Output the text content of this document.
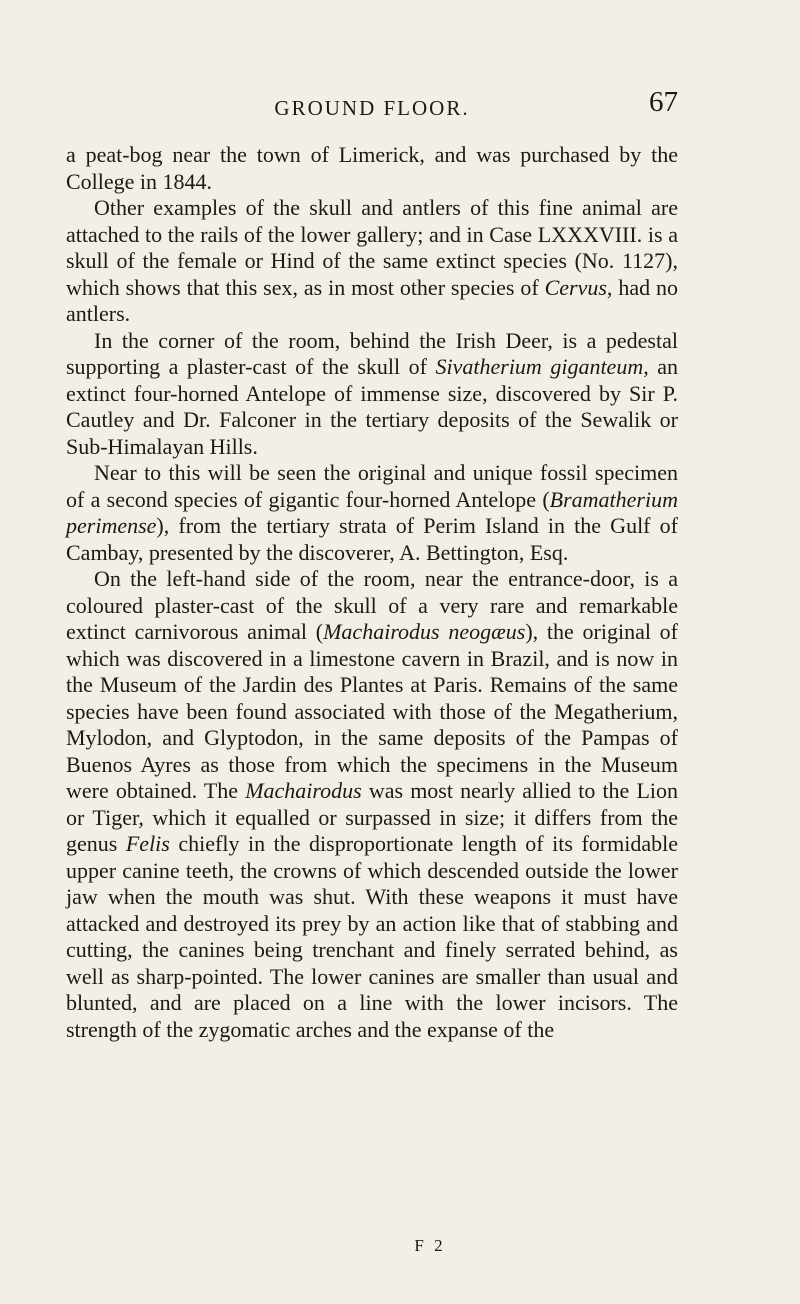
GROUND FLOOR.	67

a peat-bog near the town of Limerick, and was purchased by the College in 1844.

Other examples of the skull and antlers of this fine animal are attached to the rails of the lower gallery; and in Case LXXXVIII. is a skull of the female or Hind of the same extinct species (No. 1127), which shows that this sex, as in most other species of Cervus, had no antlers.

In the corner of the room, behind the Irish Deer, is a pedestal supporting a plaster-cast of the skull of Sivatherium giganteum, an extinct four-horned Antelope of immense size, discovered by Sir P. Cautley and Dr. Falconer in the tertiary deposits of the Sewalik or Sub-Himalayan Hills.

Near to this will be seen the original and unique fossil specimen of a second species of gigantic four-horned Antelope (Bramatherium perimense), from the tertiary strata of Perim Island in the Gulf of Cambay, presented by the discoverer, A. Bettington, Esq.

On the left-hand side of the room, near the entrance-door, is a coloured plaster-cast of the skull of a very rare and remarkable extinct carnivorous animal (Machairodus neogæus), the original of which was discovered in a limestone cavern in Brazil, and is now in the Museum of the Jardin des Plantes at Paris. Remains of the same species have been found associated with those of the Megatherium, Mylodon, and Glyptodon, in the same deposits of the Pampas of Buenos Ayres as those from which the specimens in the Museum were obtained. The Machairodus was most nearly allied to the Lion or Tiger, which it equalled or surpassed in size; it differs from the genus Felis chiefly in the disproportionate length of its formidable upper canine teeth, the crowns of which descended outside the lower jaw when the mouth was shut. With these weapons it must have attacked and destroyed its prey by an action like that of stabbing and cutting, the canines being trenchant and finely serrated behind, as well as sharp-pointed. The lower canines are smaller than usual and blunted, and are placed on a line with the lower incisors. The strength of the zygomatic arches and the expanse of the

F 2
